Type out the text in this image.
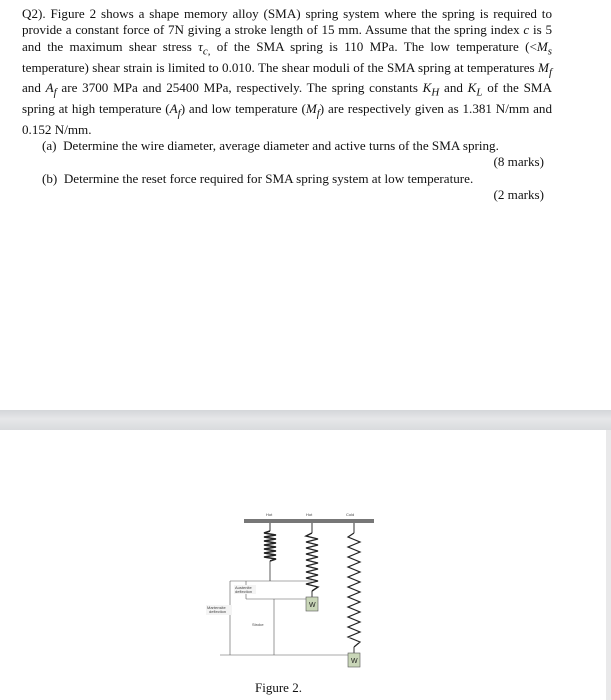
Q2). Figure 2 shows a shape memory alloy (SMA) spring system where the spring is required to provide a constant force of 7N giving a stroke length of 15 mm. Assume that the spring index c is 5 and the maximum shear stress $\tau_{c,}$ of the SMA spring is 110 MPa. The low temperature ($<M_s$ temperature) shear strain is limited to 0.010. The shear moduli of the SMA spring at temperatures $M_f$ and $A_f$ are 3700 MPa and 25400 MPa, respectively. The spring constants $K_H$ and $K_L$ of the SMA spring at high temperature $(A_f)$ and low temperature $(M_f)$ are respectively given as 1.381 N/mm and 0.152 N/mm.
(a) Determine the wire diameter, average diameter and active turns of the SMA spring.
(8 marks)
(b) Determine the reset force required for SMA spring system at low temperature.
(2 marks)
Hot	Hot	Cold
W
W
Austenite
deflection
Martensite
deflection
Stroke
Figure 2.
